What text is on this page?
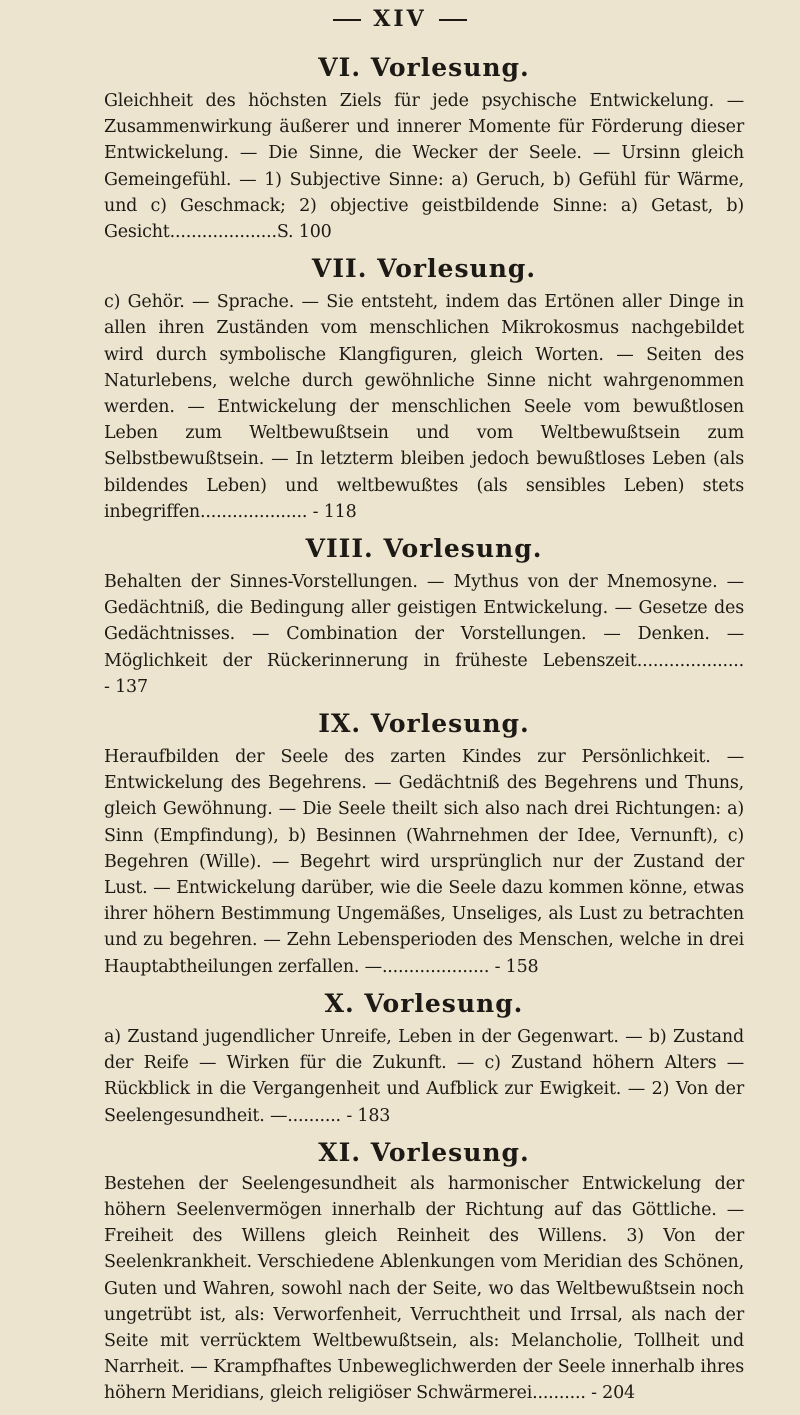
XIV
VI. Vorlesung.

Gleichheit des höchsten Ziels für jede psychische Entwickelung. — Zusammenwirkung äußerer und innerer Momente für Förderung dieser Entwickelung. — Die Sinne, die Wecker der Seele. — Ursinn gleich Gemeingefühl. — 1) Subjective Sinne: a) Geruch, b) Gefühl für Wärme, und c) Geschmack; 2) objective geistbildende Sinne: a) Getast, b) Gesicht....................S. 100

VII. Vorlesung.

c) Gehör. — Sprache. — Sie entsteht, indem das Ertönen aller Dinge in allen ihren Zuständen vom menschlichen Mikrokosmus nachgebildet wird durch symbolische Klangfiguren, gleich Worten. — Seiten des Naturlebens, welche durch gewöhnliche Sinne nicht wahrgenommen werden. — Entwickelung der menschlichen Seele vom bewußtlosen Leben zum Weltbewußtsein und vom Weltbewußtsein zum Selbstbewußtsein. — In letzterm bleiben jedoch bewußtloses Leben (als bildendes Leben) und weltbewußtes (als sensibles Leben) stets inbegriffen.................... - 118

VIII. Vorlesung.

Behalten der Sinnes-Vorstellungen. — Mythus von der Mnemosyne. — Gedächtniß, die Bedingung aller geistigen Entwickelung. — Gesetze des Gedächtnisses. — Combination der Vorstellungen. — Denken. — Möglichkeit der Rückerinnerung in früheste Lebenszeit.................... - 137

IX. Vorlesung.

Heraufbilden der Seele des zarten Kindes zur Persönlichkeit. — Entwickelung des Begehrens. — Gedächtniß des Begehrens und Thuns, gleich Gewöhnung. — Die Seele theilt sich also nach drei Richtungen: a) Sinn (Empfindung), b) Besinnen (Wahrnehmen der Idee, Vernunft), c) Begehren (Wille). — Begehrt wird ursprünglich nur der Zustand der Lust. — Entwickelung darüber, wie die Seele dazu kommen könne, etwas ihrer höhern Bestimmung Ungemäßes, Unseliges, als Lust zu betrachten und zu begehren. — Zehn Lebensperioden des Menschen, welche in drei Hauptabtheilungen zerfallen. —.................... - 158

X. Vorlesung.

a) Zustand jugendlicher Unreife, Leben in der Gegenwart. — b) Zustand der Reife — Wirken für die Zukunft. — c) Zustand höhern Alters — Rückblick in die Vergangenheit und Aufblick zur Ewigkeit. — 2) Von der Seelengesundheit. —.......... - 183

XI. Vorlesung.

Bestehen der Seelengesundheit als harmonischer Entwickelung der höhern Seelenvermögen innerhalb der Richtung auf das Göttliche. — Freiheit des Willens gleich Reinheit des Willens. 3) Von der Seelenkrankheit. Verschiedene Ablenkungen vom Meridian des Schönen, Guten und Wahren, sowohl nach der Seite, wo das Weltbewußtsein noch ungetrübt ist, als: Verworfenheit, Verruchtheit und Irrsal, als nach der Seite mit verrücktem Weltbewußtsein, als: Melancholie, Tollheit und Narrheit. — Krampfhaftes Unbeweglichwerden der Seele innerhalb ihres höhern Meridians, gleich religiöser Schwärmerei.......... - 204
